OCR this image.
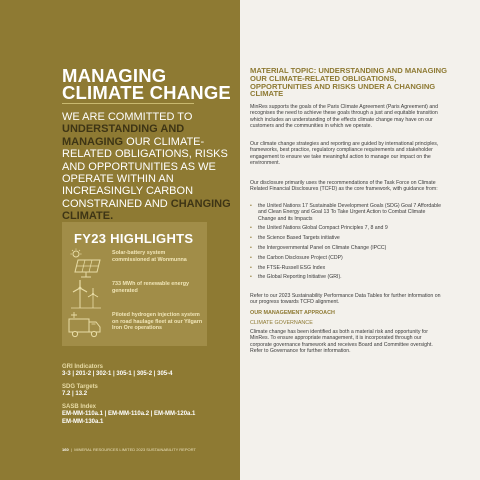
MANAGING CLIMATE CHANGE
WE ARE COMMITTED TO UNDERSTANDING AND MANAGING OUR CLIMATE-RELATED OBLIGATIONS, RISKS AND OPPORTUNITIES AS WE OPERATE WITHIN AN INCREASINGLY CARBON CONSTRAINED AND CHANGING CLIMATE.
FY23 HIGHLIGHTS
Solar-battery system commissioned at Wonmunna
733 MWh of renewable energy generated
Piloted hydrogen injection system on road haulage fleet at our Yilgarn Iron Ore operations
GRI Indicators
3-3 | 201-2 | 302-1 | 305-1 | 305-2 | 305-4
SDG Targets
7.2 | 13.2
SASB Index
EM-MM-110a.1 | EM-MM-110a.2 | EM-MM-120a.1 EM-MM-130a.1
160  |  MINERAL RESOURCES LIMITED 2023 SUSTAINABILITY REPORT
MATERIAL TOPIC: UNDERSTANDING AND MANAGING OUR CLIMATE-RELATED OBLIGATIONS, OPPORTUNITIES AND RISKS UNDER A CHANGING CLIMATE
MinRes supports the goals of the Paris Climate Agreement (Paris Agreement) and recognises the need to achieve these goals through a just and equitable transition which includes an understanding of the effects climate change may have on our customers and the communities in which we operate.
Our climate change strategies and reporting are guided by international principles, frameworks, best practice, regulatory compliance requirements and stakeholder engagement to ensure we take meaningful action to manage our impact on the environment.
Our disclosure primarily uses the recommendations of the Task Force on Climate Related Financial Disclosures (TCFD) as the core framework, with guidance from:
• the United Nations 17 Sustainable Development Goals (SDG) Goal 7 Affordable and Clean Energy and Goal 13 To Take Urgent Action to Combat Climate Change and its Impacts
• the United Nations Global Compact Principles 7, 8 and 9
• the Science Based Targets initiative
• the Intergovernmental Panel on Climate Change (IPCC)
• the Carbon Disclosure Project (CDP)
• the FTSE-Russell ESG Index
• the Global Reporting Initiative (GRI).
Refer to our 2023 Sustainability Performance Data Tables for further information on our progress towards TCFD alignment.
OUR MANAGEMENT APPROACH
CLIMATE GOVERNANCE
Climate change has been identified as both a material risk and opportunity for MinRes. To ensure appropriate management, it is incorporated through our corporate governance framework and receives Board and Committee oversight. Refer to Governance for further information.
